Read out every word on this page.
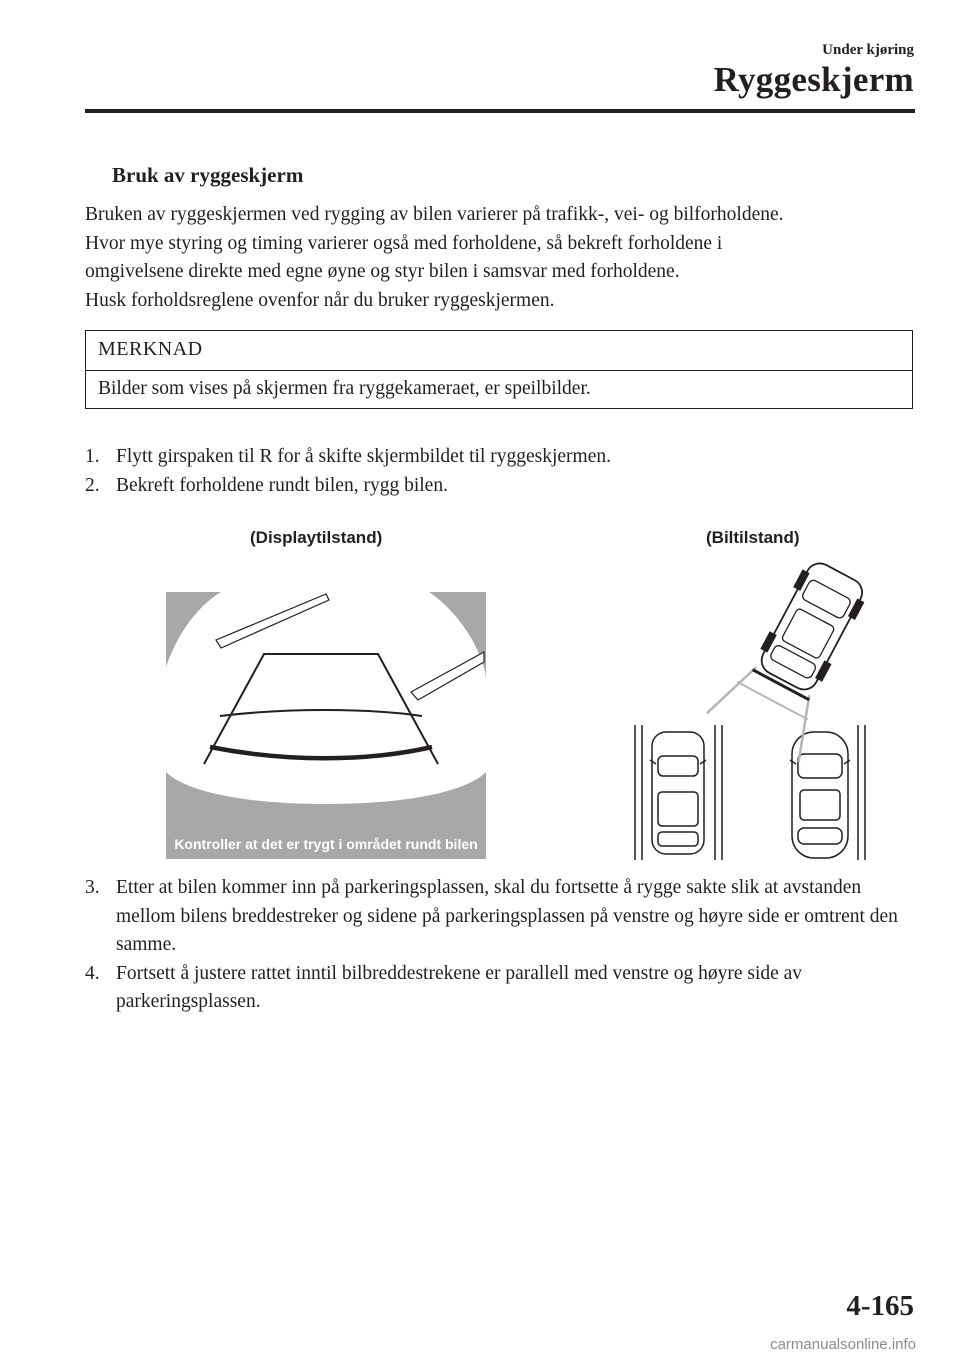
Under kjøring
Ryggeskjerm
Bruk av ryggeskjerm
Bruken av ryggeskjermen ved rygging av bilen varierer på trafikk-, vei- og bilforholdene.
Hvor mye styring og timing varierer også med forholdene, så bekreft forholdene i
omgivelsene direkte med egne øyne og styr bilen i samsvar med forholdene.
Husk forholdsreglene ovenfor når du bruker ryggeskjermen.
MERKNAD
Bilder som vises på skjermen fra ryggekameraet, er speilbilder.
1. Flytt girspaken til R for å skifte skjermbildet til ryggeskjermen.
2. Bekreft forholdene rundt bilen, rygg bilen.
(Displaytilstand)	(Biltilstand)
Kontroller at det er trygt i området rundt bilen
3. Etter at bilen kommer inn på parkeringsplassen, skal du fortsette å rygge sakte slik at avstanden mellom bilens breddestreker og sidene på parkeringsplassen på venstre og høyre side er omtrent den samme.
4. Fortsett å justere rattet inntil bilbreddestrekene er parallell med venstre og høyre side av parkeringsplassen.
4-165
carmanualsonline.info
